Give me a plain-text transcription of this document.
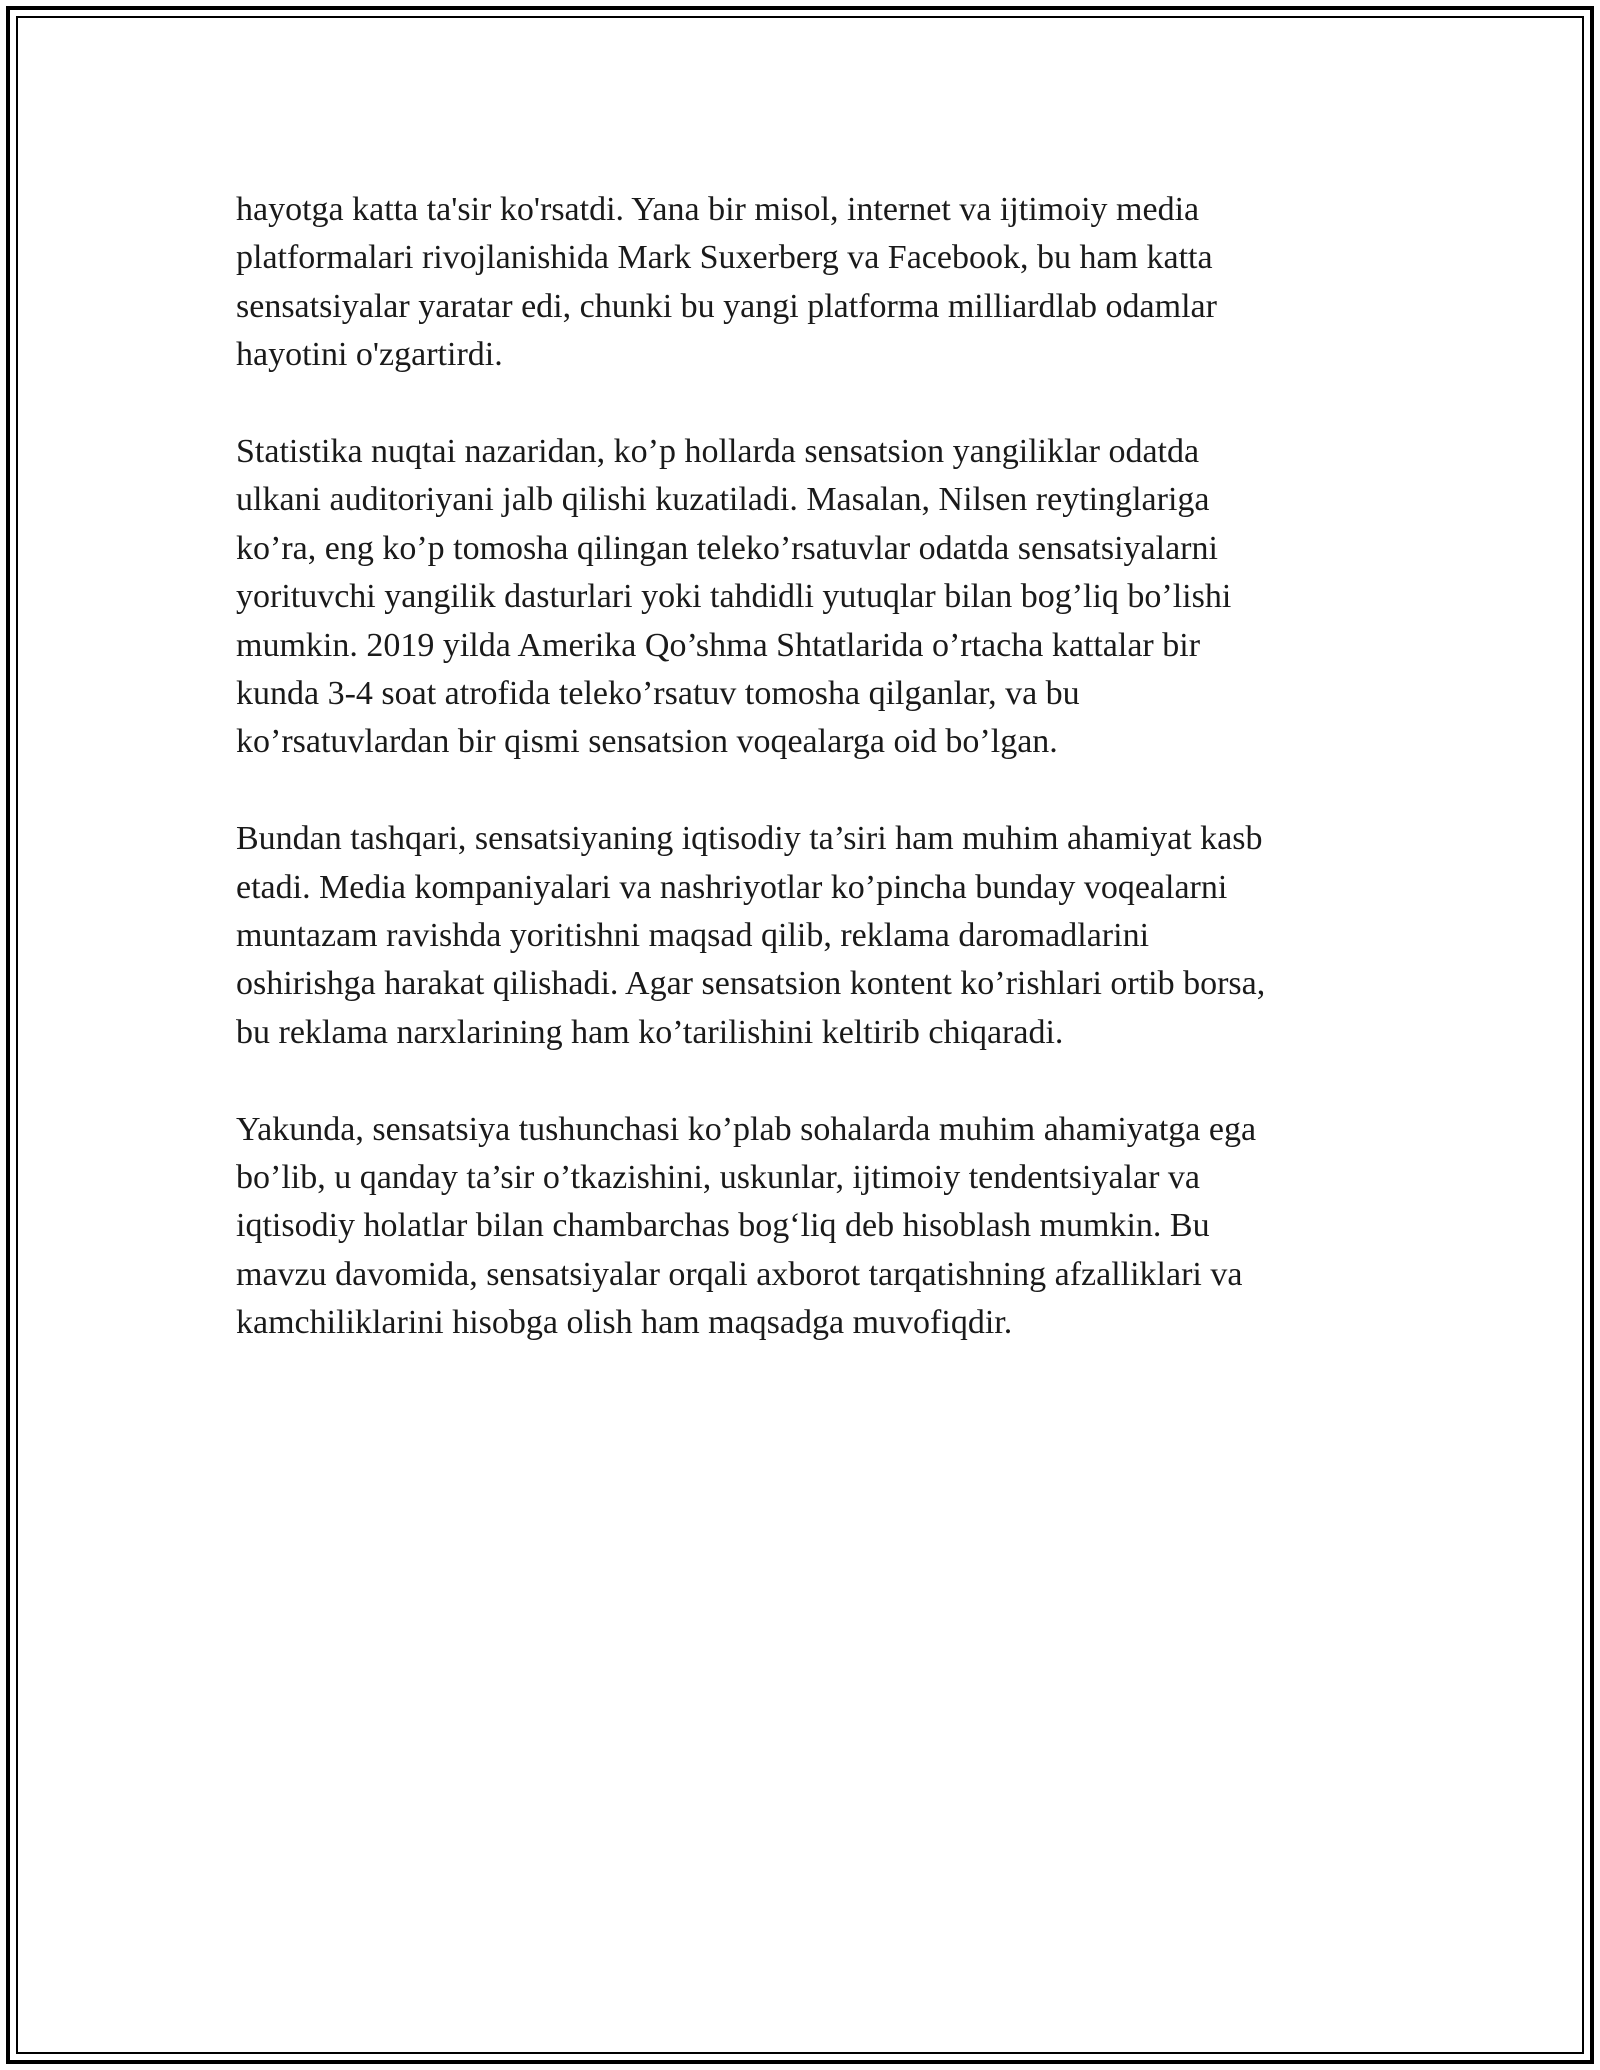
hayotga katta ta'sir ko'rsatdi. Yana bir misol, internet va ijtimoiy media
platformalari rivojlanishida Mark Suxerberg va Facebook, bu ham katta
sensatsiyalar yaratar edi, chunki bu yangi platforma milliardlab odamlar
hayotini o'zgartirdi.

Statistika nuqtai nazaridan, ko’p hollarda sensatsion yangiliklar odatda
ulkani auditoriyani jalb qilishi kuzatiladi. Masalan, Nilsen reytinglariga
ko’ra, eng ko’p tomosha qilingan teleko’rsatuvlar odatda sensatsiyalarni
yorituvchi yangilik dasturlari yoki tahdidli yutuqlar bilan bog’liq bo’lishi
mumkin. 2019 yilda Amerika Qo’shma Shtatlarida o’rtacha kattalar bir
kunda 3-4 soat atrofida teleko’rsatuv tomosha qilganlar, va bu
ko’rsatuvlardan bir qismi sensatsion voqealarga oid bo’lgan.

Bundan tashqari, sensatsiyaning iqtisodiy ta’siri ham muhim ahamiyat kasb
etadi. Media kompaniyalari va nashriyotlar ko’pincha bunday voqealarni
muntazam ravishda yoritishni maqsad qilib, reklama daromadlarini
oshirishga harakat qilishadi. Agar sensatsion kontent ko’rishlari ortib borsa,
bu reklama narxlarining ham ko’tarilishini keltirib chiqaradi.

Yakunda, sensatsiya tushunchasi ko’plab sohalarda muhim ahamiyatga ega
bo’lib, u qanday ta’sir o’tkazishini, uskunlar, ijtimoiy tendentsiyalar va
iqtisodiy holatlar bilan chambarchas bog‘liq deb hisoblash mumkin. Bu
mavzu davomida, sensatsiyalar orqali axborot tarqatishning afzalliklari va
kamchiliklarini hisobga olish ham maqsadga muvofiqdir.
